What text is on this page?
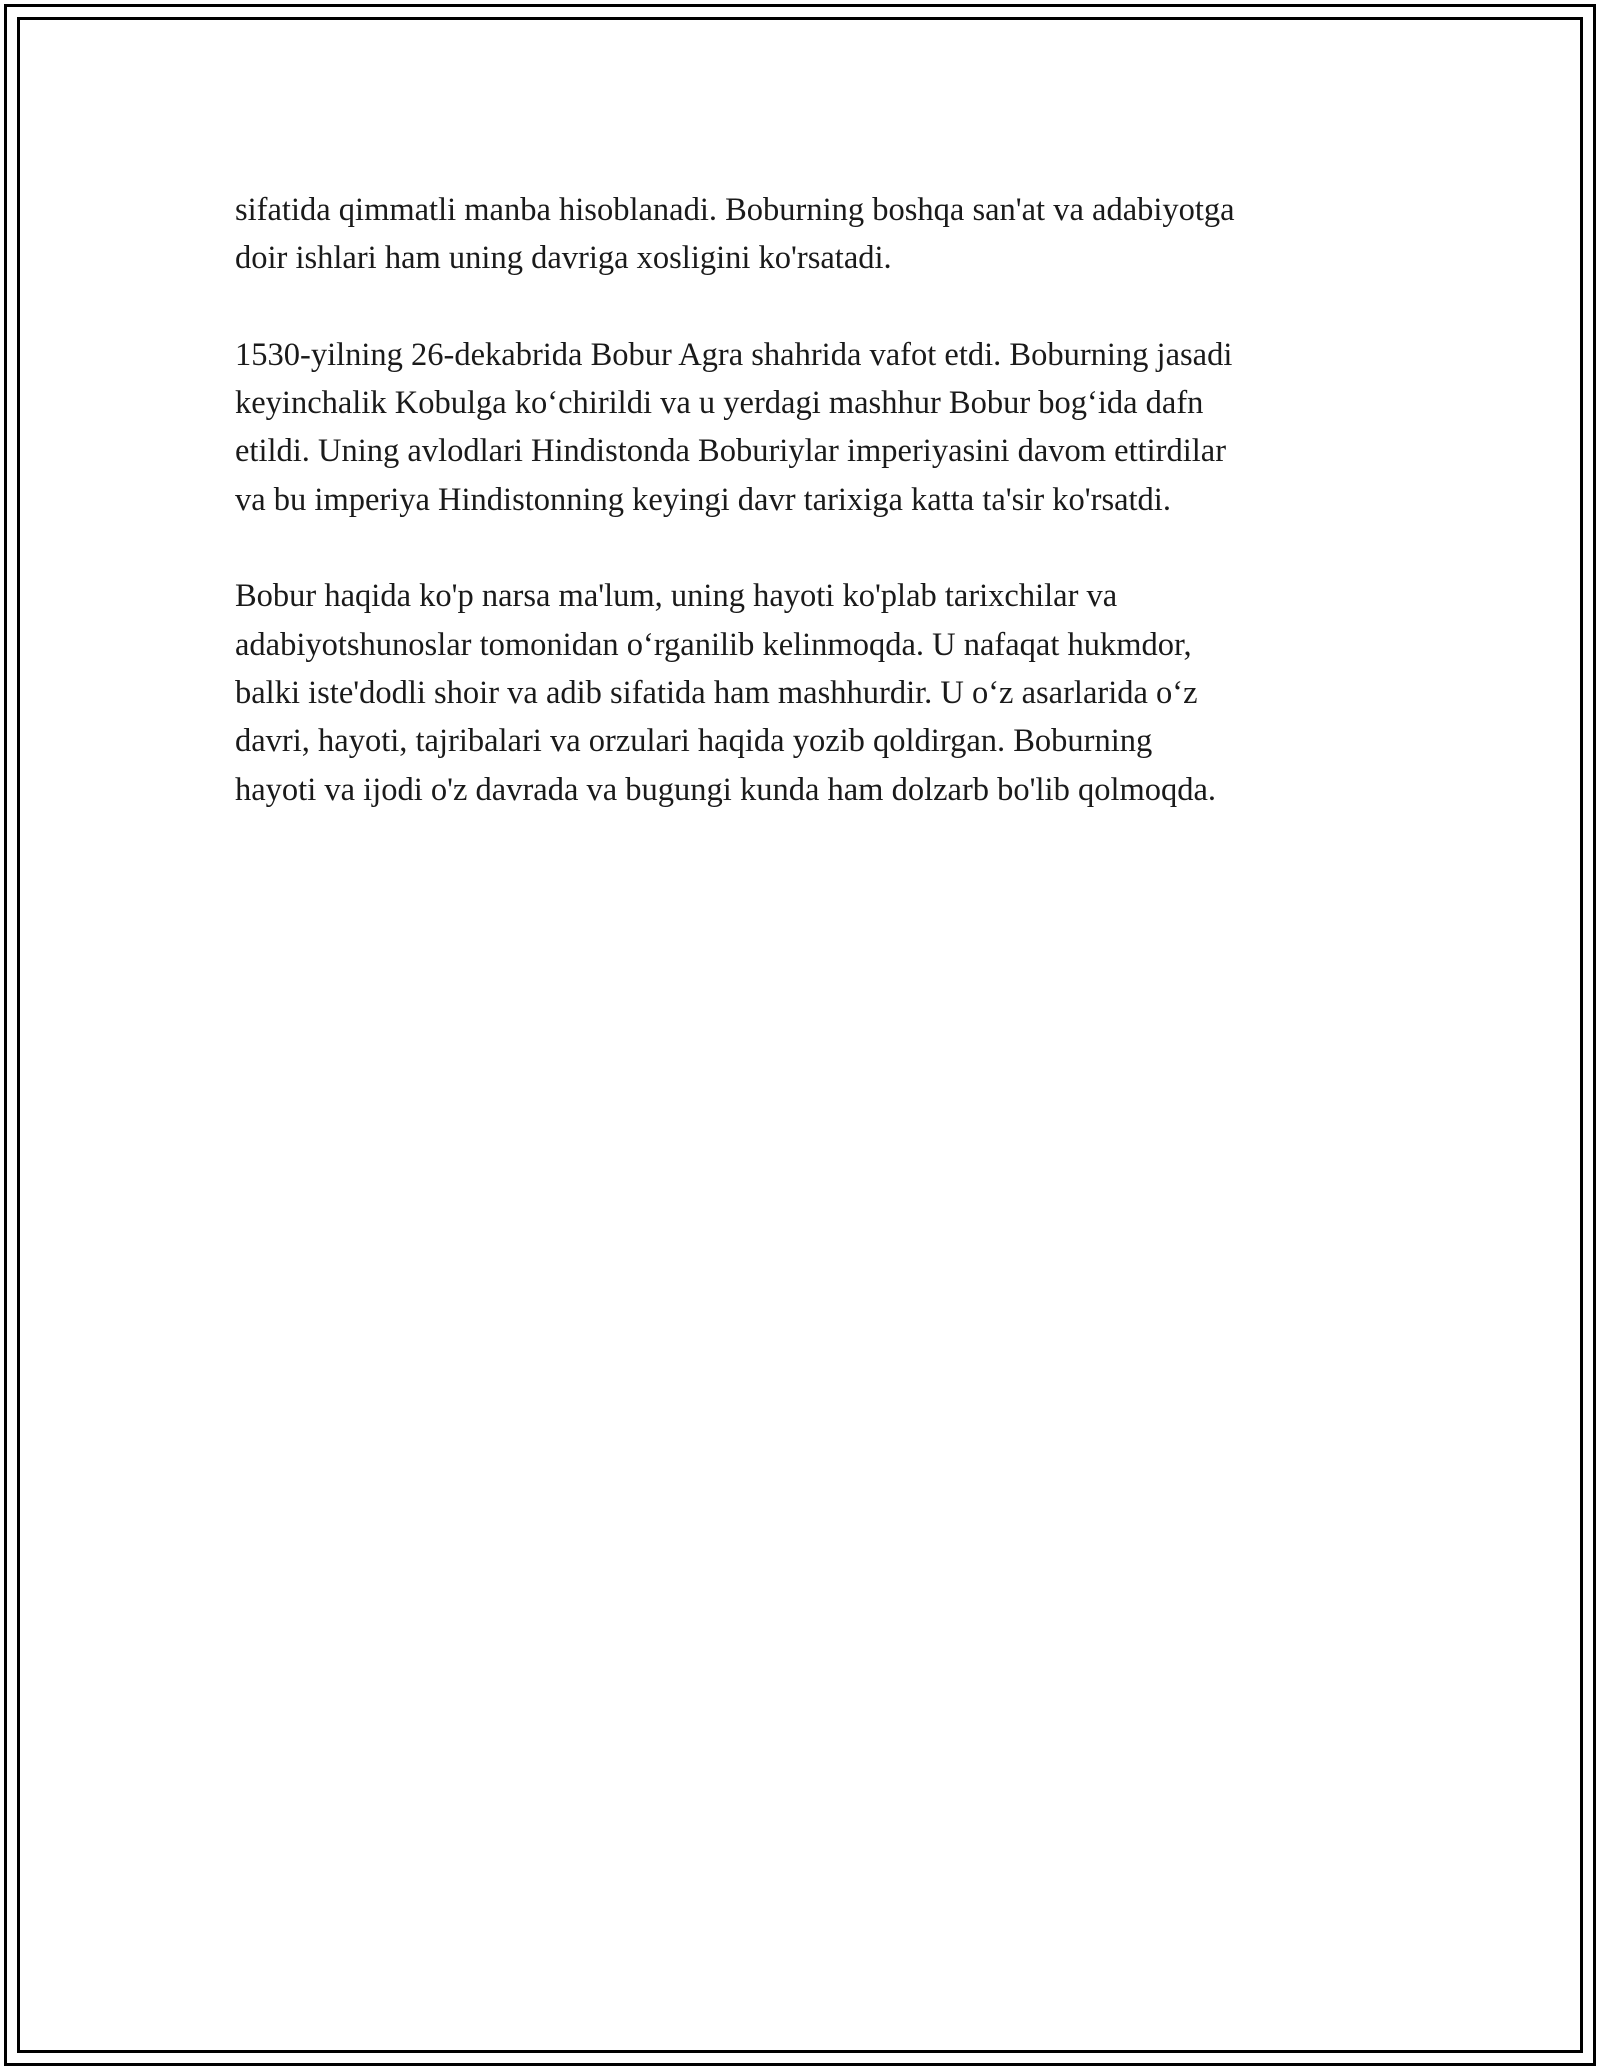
sifatida qimmatli manba hisoblanadi. Boburning boshqa san'at va adabiyotga
doir ishlari ham uning davriga xosligini ko'rsatadi.

1530-yilning 26-dekabrida Bobur Agra shahrida vafot etdi. Boburning jasadi
keyinchalik Kobulga ko‘chirildi va u yerdagi mashhur Bobur bog‘ida dafn
etildi. Uning avlodlari Hindistonda Boburiylar imperiyasini davom ettirdilar
va bu imperiya Hindistonning keyingi davr tarixiga katta ta'sir ko'rsatdi.

Bobur haqida ko'p narsa ma'lum, uning hayoti ko'plab tarixchilar va
adabiyotshunoslar tomonidan o‘rganilib kelinmoqda. U nafaqat hukmdor,
balki iste'dodli shoir va adib sifatida ham mashhurdir. U o‘z asarlarida o‘z
davri, hayoti, tajribalari va orzulari haqida yozib qoldirgan. Boburning
hayoti va ijodi o'z davrada va bugungi kunda ham dolzarb bo'lib qolmoqda.
